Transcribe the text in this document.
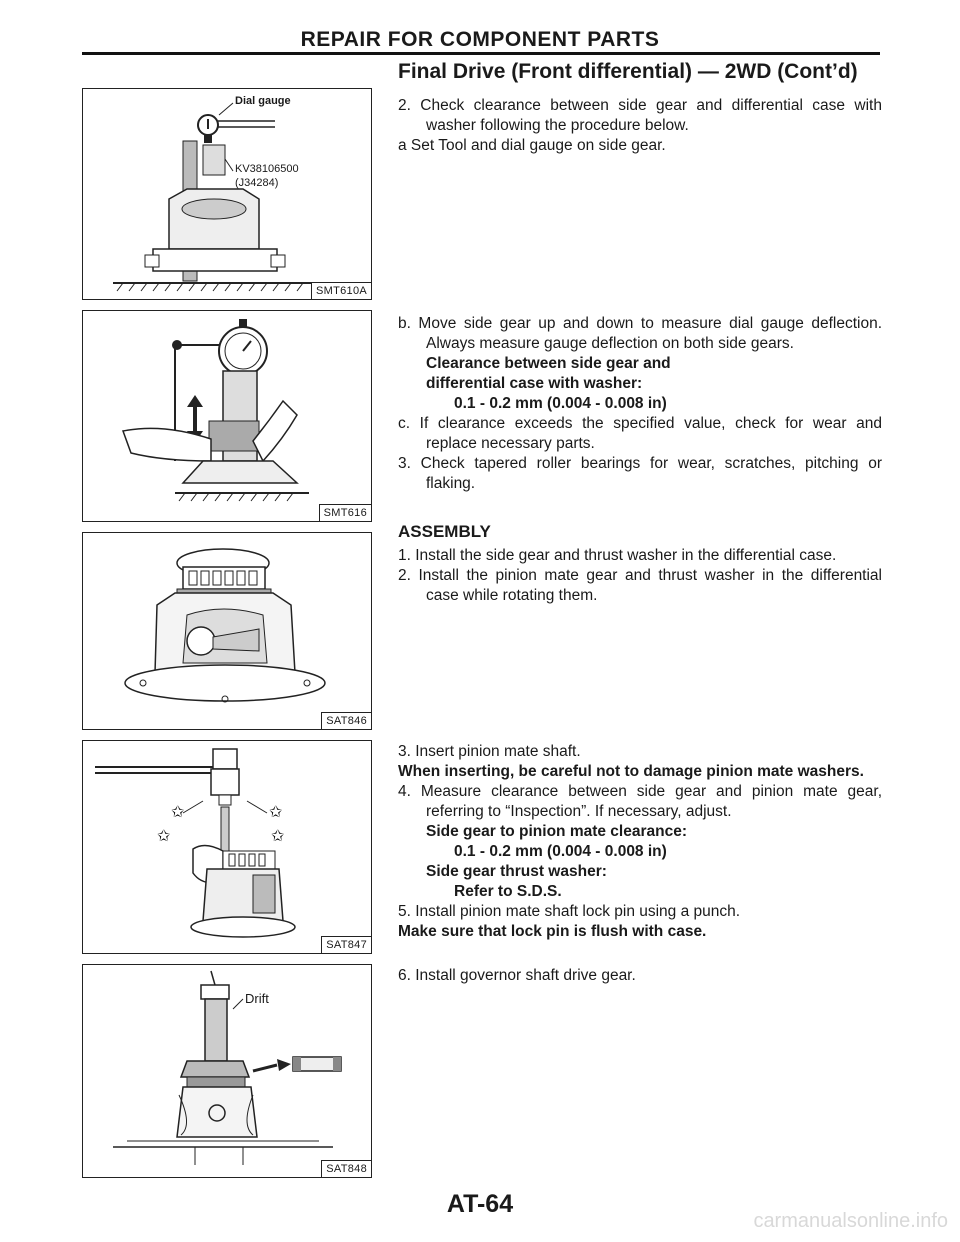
REPAIR FOR COMPONENT PARTS
Final Drive (Front differential) — 2WD (Cont’d)
Dial gauge
KV38106500
(J34284)
SMT610A
SMT616
SAT846
✩	✩
✩	✩
SAT847
Drift
SAT848

2. Check clearance between side gear and differential case with washer following the procedure below.

a Set Tool and dial gauge on side gear.

b. Move side gear up and down to measure dial gauge deflection. Always measure gauge deflection on both side gears.

Clearance between side gear and

differential case with washer:

0.1 - 0.2 mm (0.004 - 0.008 in)

c. If clearance exceeds the specified value, check for wear and replace necessary parts.

3. Check tapered roller bearings for wear, scratches, pitching or flaking.

ASSEMBLY

1. Install the side gear and thrust washer in the differential case.

2. Install the pinion mate gear and thrust washer in the differential case while rotating them.

3. Insert pinion mate shaft.

When inserting, be careful not to damage pinion mate washers.

4. Measure clearance between side gear and pinion mate gear, referring to “Inspection”. If necessary, adjust.

Side gear to pinion mate clearance:

0.1 - 0.2 mm (0.004 - 0.008 in)

Side gear thrust washer:

Refer to S.D.S.

5. Install pinion mate shaft lock pin using a punch.

Make sure that lock pin is flush with case.

6. Install governor shaft drive gear.

AT-64
carmanualsonline.info
